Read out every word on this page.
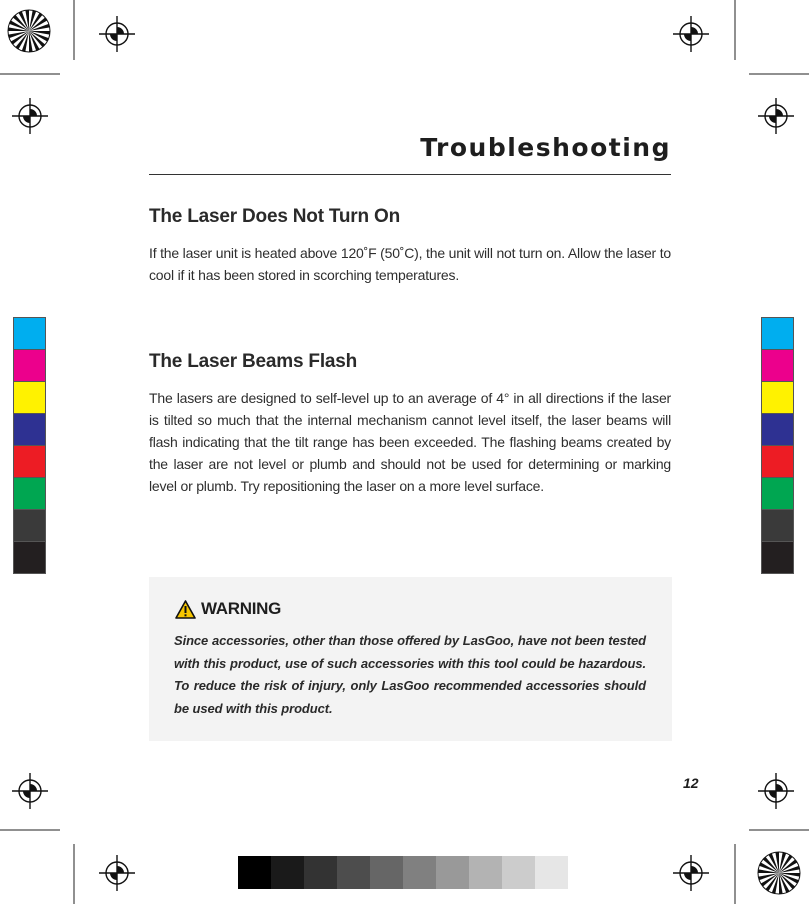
Troubleshooting
The Laser Does Not Turn On

If the laser unit is heated above 120˚F (50˚C), the unit will not turn on. Allow the laser to cool if it has been stored in scorching temperatures.

The Laser Beams Flash

The lasers are designed to self-level up to an average of 4° in all directions if the laser is tilted so much that the internal mechanism cannot level itself, the laser beams will flash indicating that the tilt range has been exceeded. The flashing beams created by the laser are not level or plumb and should not be used for determining or marking level or plumb. Try repositioning the laser on a more level surface.

WARNING
Since accessories, other than those offered by LasGoo, have not been tested with this product, use of such accessories with this tool could be hazardous. To reduce the risk of injury, only LasGoo recommended accessories should be used with this product.
12
